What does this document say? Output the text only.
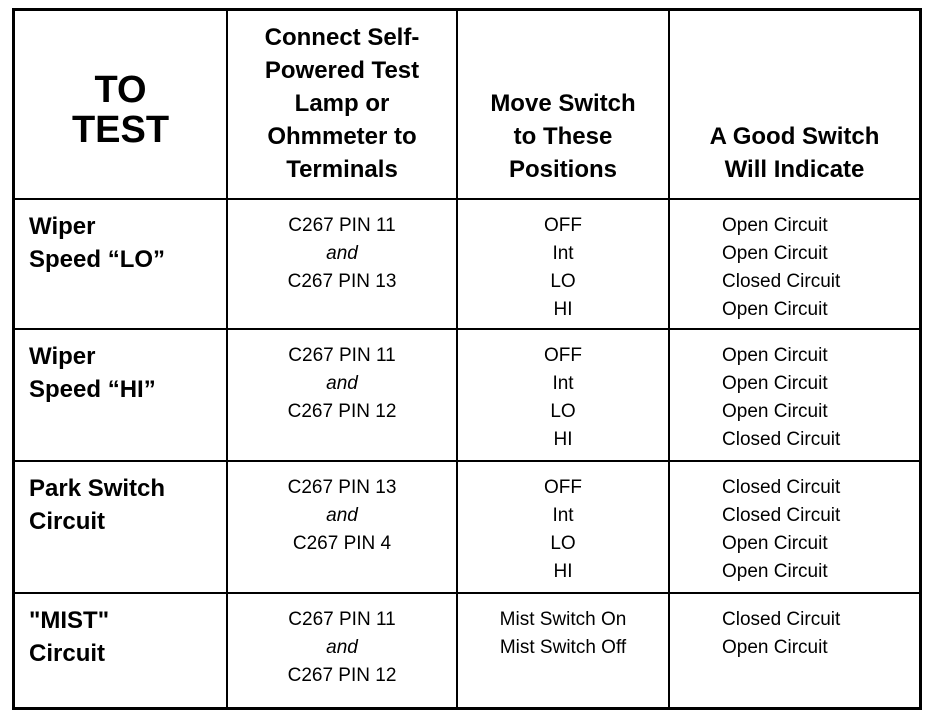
TO
TEST	Connect Self-
Powered Test
Lamp or
Ohmmeter to
Terminals	Move Switch
to These
Positions	A Good Switch
Will Indicate

Wiper
Speed “LO”	C267 PIN 11
and
C267 PIN 13	OFF
Int
LO
HI	Open Circuit
Open Circuit
Closed Circuit
Open Circuit

Wiper
Speed “HI”	C267 PIN 11
and
C267 PIN 12	OFF
Int
LO
HI	Open Circuit
Open Circuit
Open Circuit
Closed Circuit

Park Switch
Circuit	C267 PIN 13
and
C267 PIN 4	OFF
Int
LO
HI	Closed Circuit
Closed Circuit
Open Circuit
Open Circuit

"MIST"
Circuit	C267 PIN 11
and
C267 PIN 12	Mist Switch On
Mist Switch Off	Closed Circuit
Open Circuit
